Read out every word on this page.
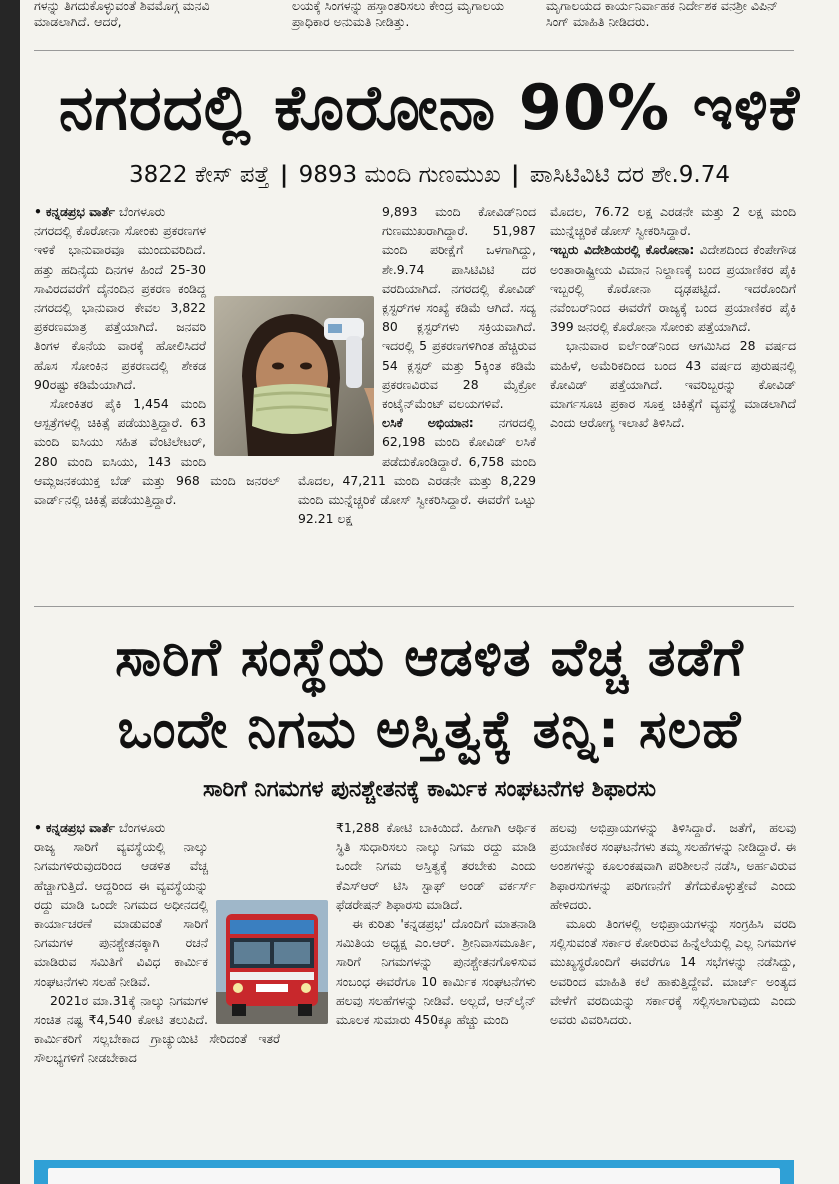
ಗಳನ್ನು ತಿಗದುಕೊಳ್ಳುವಂತೆ ಶಿವಮೊಗ್ಗ ಮನವಿ ಮಾಡಲಾಗಿದೆ. ಆದರೆ,
ಲಯಕ್ಕೆ ಸಿಂಗಳನ್ನು ಹಸ್ತಾಂತರಿಸಲು ಕೇಂದ್ರ ಮೃಗಾಲಯ ಪ್ರಾಧಿಕಾರ ಅನುಮತಿ ನೀಡಿತ್ತು.
ಮೃಗಾಲಯದ ಕಾರ್ಯನಿರ್ವಾಹಕ ನಿರ್ದೇಶಕ ವನಶ್ರೀ ವಿಪಿನ್ ಸಿಂಗ್ ಮಾಹಿತಿ ನೀಡಿದರು.
ನಗರದಲ್ಲಿ ಕೊರೋನಾ 90% ಇಳಿಕೆ
3822 ಕೇಸ್ ಪತ್ತೆ | 9893 ಮಂದಿ ಗುಣಮುಖ | ಪಾಸಿಟಿವಿಟಿ ದರ ಶೇ.9.74

• ಕನ್ನಡಪ್ರಭ ವಾರ್ತೆ ಬೆಂಗಳೂರು

ನಗರದಲ್ಲಿ ಕೊರೋನಾ ಸೋಂಕು ಪ್ರಕರಣಗಳ ಇಳಿಕೆ ಭಾನುವಾರವೂ ಮುಂದುವರಿದಿದೆ. ಹತ್ತು ಹದಿನೈದು ದಿನಗಳ ಹಿಂದೆ 25-30 ಸಾವಿರದವರೆಗೆ ದೈನಂದಿನ ಪ್ರಕರಣ ಕಂಡಿದ್ದ ನಗರದಲ್ಲಿ ಭಾನುವಾರ ಕೇವಲ 3,822 ಪ್ರಕರಣಮಾತ್ರ ಪತ್ತೆಯಾಗಿದೆ. ಜನವರಿ ತಿಂಗಳ ಕೊನೆಯ ವಾರಕ್ಕೆ ಹೋಲಿಸಿದರೆ ಹೊಸ ಸೋಂಕಿನ ಪ್ರಕರಣದಲ್ಲಿ ಶೇಕಡ 90ರಷ್ಟು ಕಡಿಮೆಯಾಗಿದೆ.

ಸೋಂಕಿತರ ಪೈಕಿ 1,454 ಮಂದಿ ಆಸ್ಪತ್ರೆಗಳಲ್ಲಿ ಚಿಕಿತ್ಸೆ ಪಡೆಯುತ್ತಿದ್ದಾರೆ. 63 ಮಂದಿ ಐಸಿಯು ಸಹಿತ ವೆಂಟಿಲೇಟರ್, 280 ಮಂದಿ ಐಸಿಯು, 143 ಮಂದಿ ಆಮ್ಲಜನಕಯುಕ್ತ ಬೆಡ್ ಮತ್ತು 968 ಮಂದಿ ಜನರಲ್ ವಾರ್ಡ್‌ನಲ್ಲಿ ಚಿಕಿತ್ಸೆ ಪಡೆಯುತ್ತಿದ್ದಾರೆ.

9,893 ಮಂದಿ ಕೋವಿಡ್‌ನಿಂದ ಗುಣಮುಖರಾಗಿದ್ದಾರೆ. 51,987 ಮಂದಿ ಪರೀಕ್ಷೆಗೆ ಒಳಗಾಗಿದ್ದು, ಶೇ.9.74 ಪಾಸಿಟಿವಿಟಿ ದರ ವರದಿಯಾಗಿದೆ. ನಗರದಲ್ಲಿ ಕೋವಿಡ್ ಕ್ಲಸ್ಟರ್‌ಗಳ ಸಂಖ್ಯೆ ಕಡಿಮೆ ಆಗಿದೆ. ಸದ್ಯ 80 ಕ್ಲಸ್ಟರ್‌ಗಳು ಸಕ್ರಿಯವಾಗಿದೆ. ಇದರಲ್ಲಿ 5 ಪ್ರಕರಣಗಳಿಗಿಂತ ಹೆಚ್ಚಿರುವ 54 ಕ್ಲಸ್ಟರ್ ಮತ್ತು 5ಕ್ಕಿಂತ ಕಡಿಮೆ ಪ್ರಕರಣವಿರುವ 28 ಮೈಕ್ರೋ ಕಂಟೈನ್‌ಮೆಂಟ್ ವಲಯಗಳಿವೆ.

ಲಸಿಕೆ ಅಭಿಯಾನ: ನಗರದಲ್ಲಿ 62,198 ಮಂದಿ ಕೋವಿಡ್ ಲಸಿಕೆ ಪಡೆದುಕೊಂಡಿದ್ದಾರೆ. 6,758 ಮಂದಿ ಮೊದಲ, 47,211 ಮಂದಿ ಎರಡನೇ ಮತ್ತು 8,229 ಮಂದಿ ಮುನ್ನೆಚ್ಚರಿಕೆ ಡೋಸ್ ಸ್ವೀಕರಿಸಿದ್ದಾರೆ. ಈವರೆಗೆ ಒಟ್ಟು 92.21 ಲಕ್ಷ

ಮೊದಲ, 76.72 ಲಕ್ಷ ಎರಡನೇ ಮತ್ತು 2 ಲಕ್ಷ ಮಂದಿ ಮುನ್ನೆಚ್ಚರಿಕೆ ಡೋಸ್ ಸ್ವೀಕರಿಸಿದ್ದಾರೆ.

ಇಬ್ಬರು ವಿದೇಶಿಯರಲ್ಲಿ ಕೊರೋನಾ: ವಿದೇಶದಿಂದ ಕೆಂಪೇಗೌಡ ಅಂತಾರಾಷ್ಟ್ರೀಯ ವಿಮಾನ ನಿಲ್ದಾಣಕ್ಕೆ ಬಂದ ಪ್ರಯಾಣಿಕರ ಪೈಕಿ ಇಬ್ಬರಲ್ಲಿ ಕೊರೋನಾ ದೃಢಪಟ್ಟಿದೆ. ಇದರೊಂದಿಗೆ ನವೆಂಬರ್‌ನಿಂದ ಈವರೆಗೆ ರಾಜ್ಯಕ್ಕೆ ಬಂದ ಪ್ರಯಾಣಿಕರ ಪೈಕಿ 399 ಜನರಲ್ಲಿ ಕೊರೋನಾ ಸೋಂಕು ಪತ್ತೆಯಾಗಿದೆ.

ಭಾನುವಾರ ಐರ್ಲೆಂಡ್‌ನಿಂದ ಆಗಮಿಸಿದ 28 ವರ್ಷದ ಮಹಿಳೆ, ಅಮೆರಿಕದಿಂದ ಬಂದ 43 ವರ್ಷದ ಪುರುಷನಲ್ಲಿ ಕೋವಿಡ್ ಪತ್ತೆಯಾಗಿದೆ. ಇವರಿಬ್ಬರನ್ನು ಕೋವಿಡ್ ಮಾರ್ಗಸೂಚಿ ಪ್ರಕಾರ ಸೂಕ್ತ ಚಿಕಿತ್ಸೆಗೆ ವ್ಯವಸ್ಥೆ ಮಾಡಲಾಗಿದೆ ಎಂದು ಆರೋಗ್ಯ ಇಲಾಖೆ ತಿಳಿಸಿದೆ.

ಸಾರಿಗೆ ಸಂಸ್ಥೆಯ ಆಡಳಿತ ವೆಚ್ಚ ತಡೆಗೆ
ಒಂದೇ ನಿಗಮ ಅಸ್ತಿತ್ವಕ್ಕೆ ತನ್ನಿ: ಸಲಹೆ
ಸಾರಿಗೆ ನಿಗಮಗಳ ಪುನಶ್ಚೇತನಕ್ಕೆ ಕಾರ್ಮಿಕ ಸಂಘಟನೆಗಳ ಶಿಫಾರಸು

• ಕನ್ನಡಪ್ರಭ ವಾರ್ತೆ ಬೆಂಗಳೂರು

ರಾಜ್ಯ ಸಾರಿಗೆ ವ್ಯವಸ್ಥೆಯಲ್ಲಿ ನಾಲ್ಕು ನಿಗಮಗಳಿರುವುದರಿಂದ ಆಡಳಿತ ವೆಚ್ಚ ಹೆಚ್ಚಾಗುತ್ತಿದೆ. ಆದ್ದರಿಂದ ಈ ವ್ಯವಸ್ಥೆಯನ್ನು ರದ್ದು ಮಾಡಿ ಒಂದೇ ನಿಗಮದ ಅಧೀನದಲ್ಲಿ ಕಾರ್ಯಾಚರಣೆ ಮಾಡುವಂತೆ ಸಾರಿಗೆ ನಿಗಮಗಳ ಪುನಶ್ಚೇತನಕ್ಕಾಗಿ ರಚನೆ ಮಾಡಿರುವ ಸಮಿತಿಗೆ ವಿವಿಧ ಕಾರ್ಮಿಕ ಸಂಘಟನೆಗಳು ಸಲಹೆ ನೀಡಿವೆ.

2021ರ ಮಾ.31ಕ್ಕೆ ನಾಲ್ಕು ನಿಗಮಗಳ ಸಂಚಿತ ನಷ್ಟ ₹4,540 ಕೋಟಿ ತಲುಪಿದೆ. ಕಾರ್ಮಿಕರಿಗೆ ಸಲ್ಲಬೇಕಾದ ಗ್ರಾಚ್ಯುಯಿಟಿ ಸೇರಿದಂತೆ ಇತರೆ ಸೌಲಭ್ಯಗಳಿಗೆ ನೀಡಬೇಕಾದ

₹1,288 ಕೋಟಿ ಬಾಕಿಯಿದೆ. ಹೀಗಾಗಿ ಆರ್ಥಿಕ ಸ್ಥಿತಿ ಸುಧಾರಿಸಲು ನಾಲ್ಕು ನಿಗಮ ರದ್ದು ಮಾಡಿ ಒಂದೇ ನಿಗಮ ಅಸ್ತಿತ್ವಕ್ಕೆ ತರಬೇಕು ಎಂದು ಕೆಎಸ್‌ಆರ್ ಟಿಸಿ ಸ್ಟಾಫ್ ಅಂಡ್ ವರ್ಕರ್ಸ್ ಫೆಡರೇಷನ್ ಶಿಫಾರಸು ಮಾಡಿದೆ.

ಈ ಕುರಿತು 'ಕನ್ನಡಪ್ರಭ' ದೊಂದಿಗೆ ಮಾತನಾಡಿ ಸಮಿತಿಯ ಅಧ್ಯಕ್ಷ ಎಂ.ಆರ್. ಶ್ರೀನಿವಾಸಮೂರ್ತಿ, ಸಾರಿಗೆ ನಿಗಮಗಳನ್ನು ಪುನಶ್ಚೇತನಗೊಳಿಸುವ ಸಂಬಂಧ ಈವರೆಗೂ 10 ಕಾರ್ಮಿಕ ಸಂಘಟನೆಗಳು ಹಲವು ಸಲಹೆಗಳನ್ನು ನೀಡಿವೆ. ಅಲ್ಲದೆ, ಆನ್‌ಲೈನ್ ಮೂಲಕ ಸುಮಾರು 450ಕ್ಕೂ ಹೆಚ್ಚು ಮಂದಿ

ಹಲವು ಅಭಿಪ್ರಾಯಗಳನ್ನು ತಿಳಿಸಿದ್ದಾರೆ. ಜತೆಗೆ, ಹಲವು ಪ್ರಯಾಣಿಕರ ಸಂಘಟನೆಗಳು ತಮ್ಮ ಸಲಹೆಗಳನ್ನು ನೀಡಿದ್ದಾರೆ. ಈ ಅಂಶಗಳನ್ನು ಕೂಲಂಕಷವಾಗಿ ಪರಿಶೀಲನೆ ನಡೆಸಿ, ಅರ್ಹವಿರುವ ಶಿಫಾರಸುಗಳನ್ನು ಪರಿಗಣನೆಗೆ ತೆಗೆದುಕೊಳ್ಳುತ್ತೇವೆ ಎಂದು ಹೇಳಿದರು.

ಮೂರು ತಿಂಗಳಲ್ಲಿ ಅಭಿಪ್ರಾಯಗಳನ್ನು ಸಂಗ್ರಹಿಸಿ ವರದಿ ಸಲ್ಲಿಸುವಂತೆ ಸರ್ಕಾರ ಕೋರಿರುವ ಹಿನ್ನೆಲೆಯಲ್ಲಿ ಎಲ್ಲ ನಿಗಮಗಳ ಮುಖ್ಯಸ್ಥರೊಂದಿಗೆ ಈವರೆಗೂ 14 ಸಭೆಗಳನ್ನು ನಡೆಸಿದ್ದು, ಅವರಿಂದ ಮಾಹಿತಿ ಕಲೆ ಹಾಕುತ್ತಿದ್ದೇವೆ. ಮಾರ್ಚ್ ಅಂತ್ಯದ ವೇಳೆಗೆ ವರದಿಯನ್ನು ಸರ್ಕಾರಕ್ಕೆ ಸಲ್ಲಿಸಲಾಗುವುದು ಎಂದು ಅವರು ವಿವರಿಸಿದರು.
